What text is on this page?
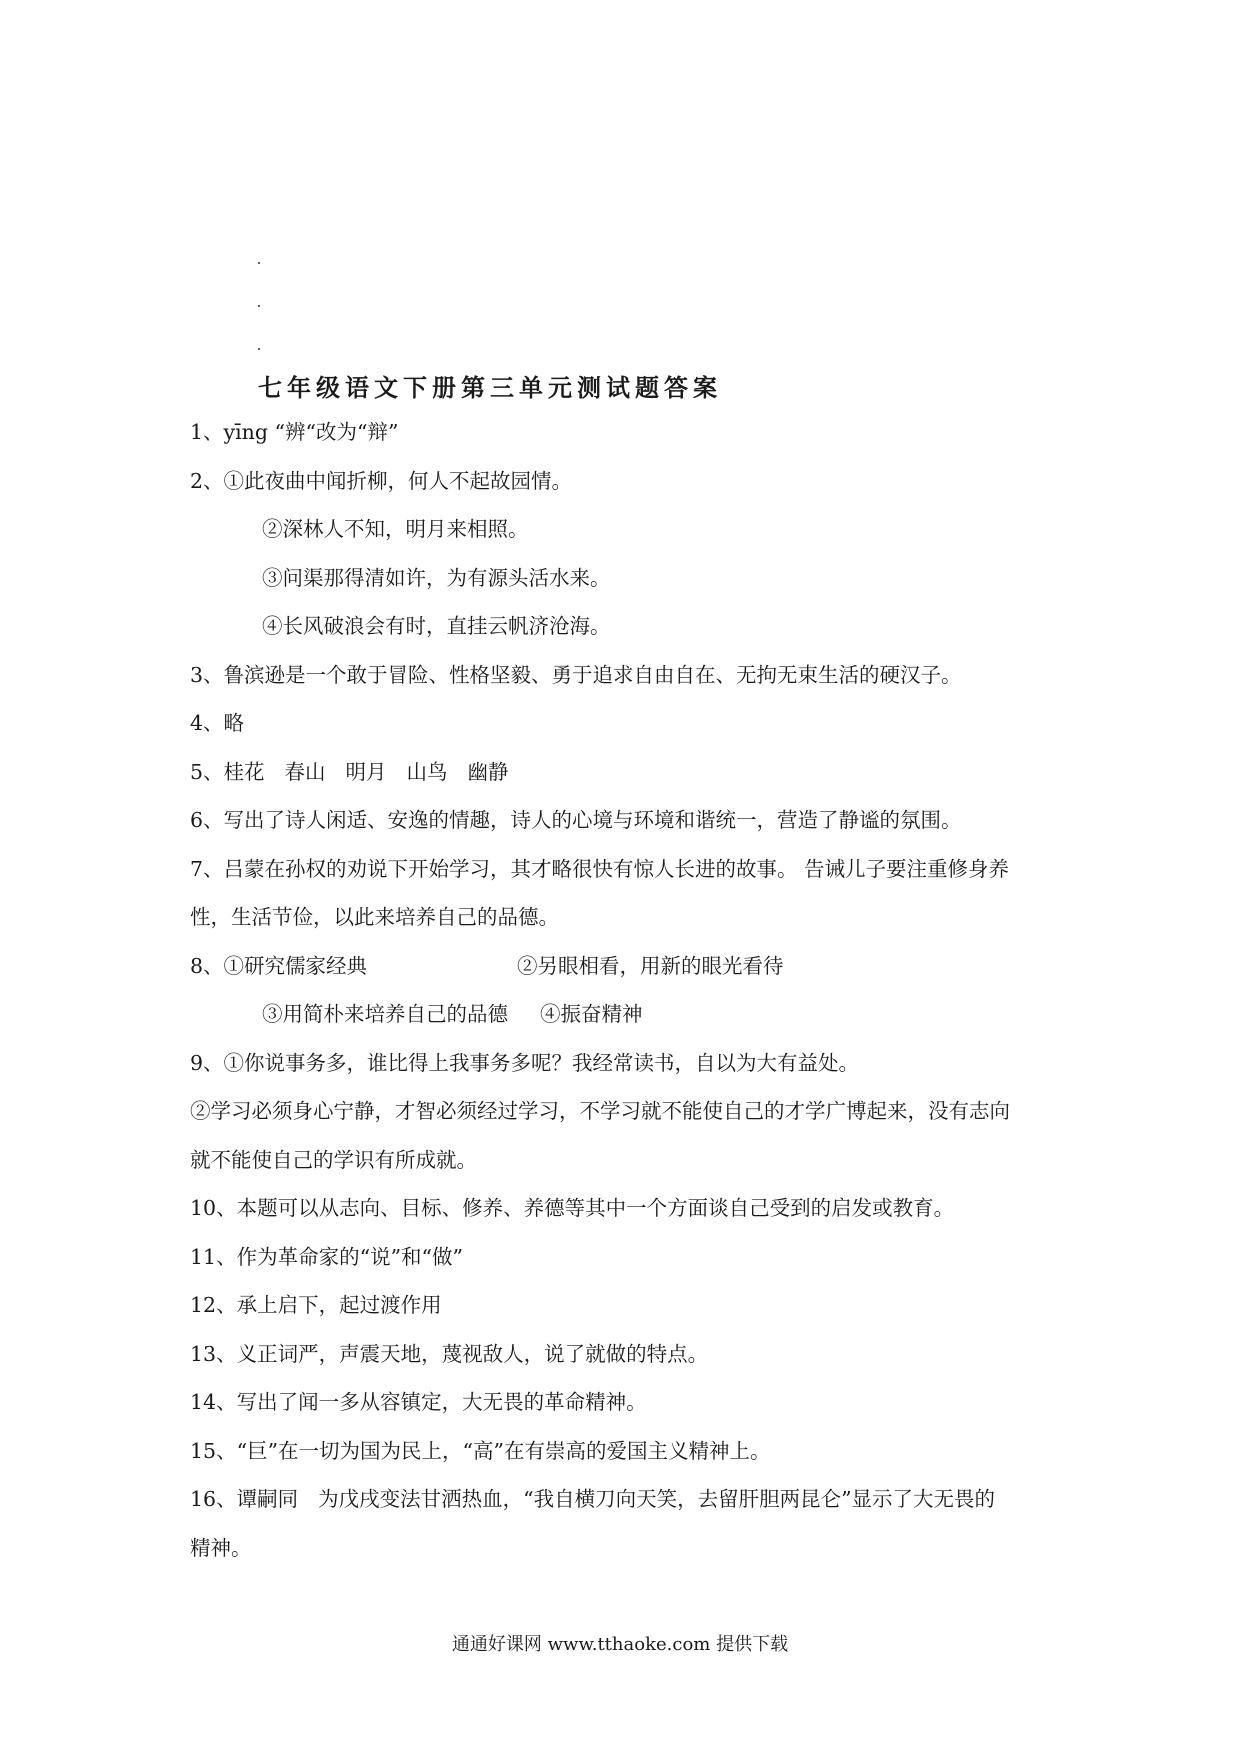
七年级语文下册第三单元测试题答案
1、yīng “辨“改为“辩”
2、①此夜曲中闻折柳，何人不起故园情。
②深林人不知，明月来相照。
③问渠那得清如许，为有源头活水来。
④长风破浪会有时，直挂云帆济沧海。
3、鲁滨逊是一个敢于冒险、性格坚毅、勇于追求自由自在、无拘无束生活的硬汉子。
4、略
5、桂花 春山 明月 山鸟 幽静
6、写出了诗人闲适、安逸的情趣，诗人的心境与环境和谐统一，营造了静谧的氛围。
7、吕蒙在孙权的劝说下开始学习，其才略很快有惊人长进的故事。 告诫儿子要注重修身养
性，生活节俭，以此来培养自己的品德。
8、①研究儒家经典	②另眼相看，用新的眼光看待
③用简朴来培养自己的品德 ④振奋精神
9、①你说事务多，谁比得上我事务多呢？我经常读书，自以为大有益处。
②学习必须身心宁静，才智必须经过学习，不学习就不能使自己的才学广博起来，没有志向
就不能使自己的学识有所成就。
10、本题可以从志向、目标、修养、养德等其中一个方面谈自己受到的启发或教育。
11、作为革命家的“说”和“做”
12、承上启下，起过渡作用
13、义正词严，声震天地，蔑视敌人，说了就做的特点。
14、写出了闻一多从容镇定，大无畏的革命精神。
15、“巨”在一切为国为民上，“高”在有崇高的爱国主义精神上。
16、谭嗣同 为戊戌变法甘洒热血，“我自横刀向天笑，去留肝胆两昆仑”显示了大无畏的
精神。
通通好课网 www.tthaoke.com 提供下载
